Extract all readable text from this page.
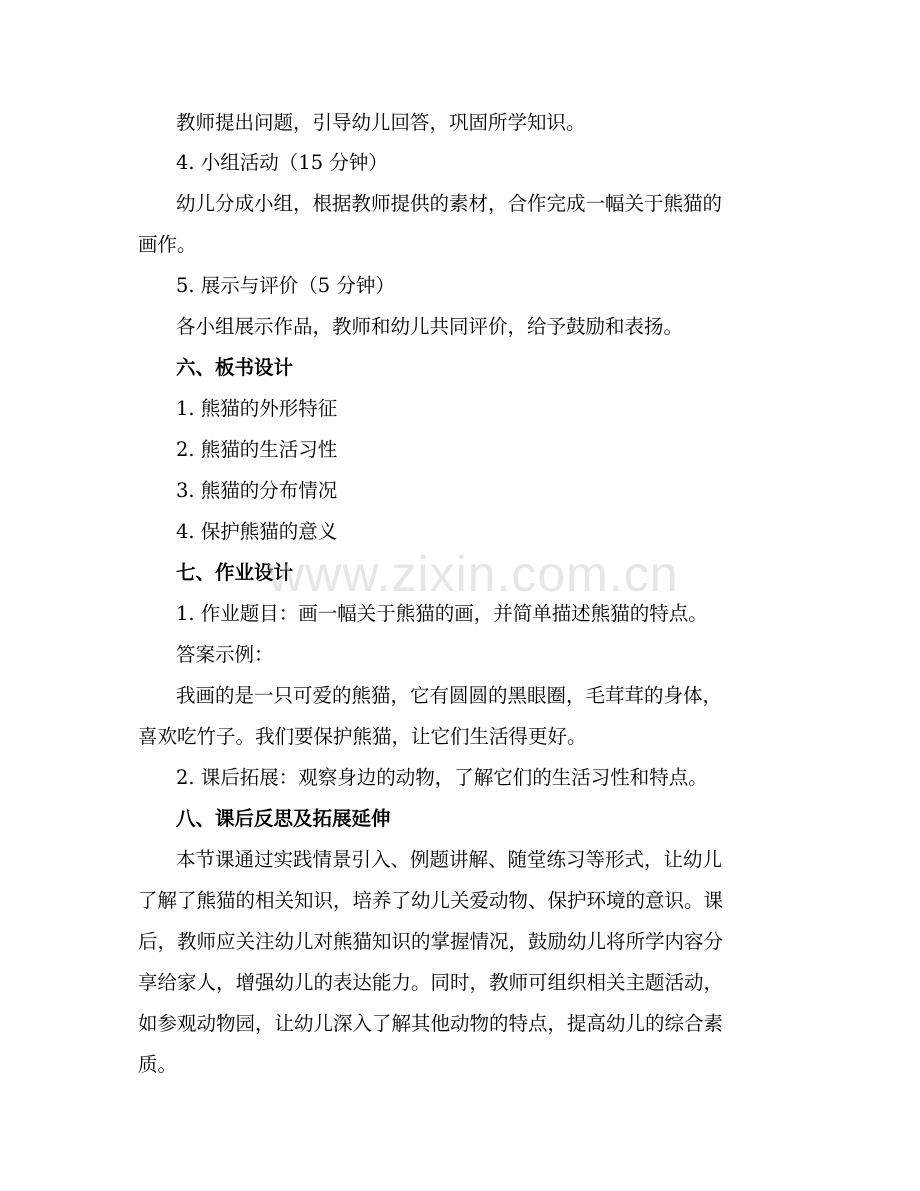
教师提出问题，引导幼儿回答，巩固所学知识。
4. 小组活动（15 分钟）
幼儿分成小组，根据教师提供的素材，合作完成一幅关于熊猫的
画作。
5. 展示与评价（5 分钟）
各小组展示作品，教师和幼儿共同评价，给予鼓励和表扬。
六、板书设计
1. 熊猫的外形特征
2. 熊猫的生活习性
3. 熊猫的分布情况
4. 保护熊猫的意义
七、作业设计
1. 作业题目：画一幅关于熊猫的画，并简单描述熊猫的特点。
答案示例：
我画的是一只可爱的熊猫，它有圆圆的黑眼圈，毛茸茸的身体，
喜欢吃竹子。我们要保护熊猫，让它们生活得更好。
2. 课后拓展：观察身边的动物，了解它们的生活习性和特点。
八、课后反思及拓展延伸
本节课通过实践情景引入、例题讲解、随堂练习等形式，让幼儿
了解了熊猫的相关知识，培养了幼儿关爱动物、保护环境的意识。课
后，教师应关注幼儿对熊猫知识的掌握情况，鼓励幼儿将所学内容分
享给家人，增强幼儿的表达能力。同时，教师可组织相关主题活动，
如参观动物园，让幼儿深入了解其他动物的特点，提高幼儿的综合素
质。
www.zixin.com.cn
